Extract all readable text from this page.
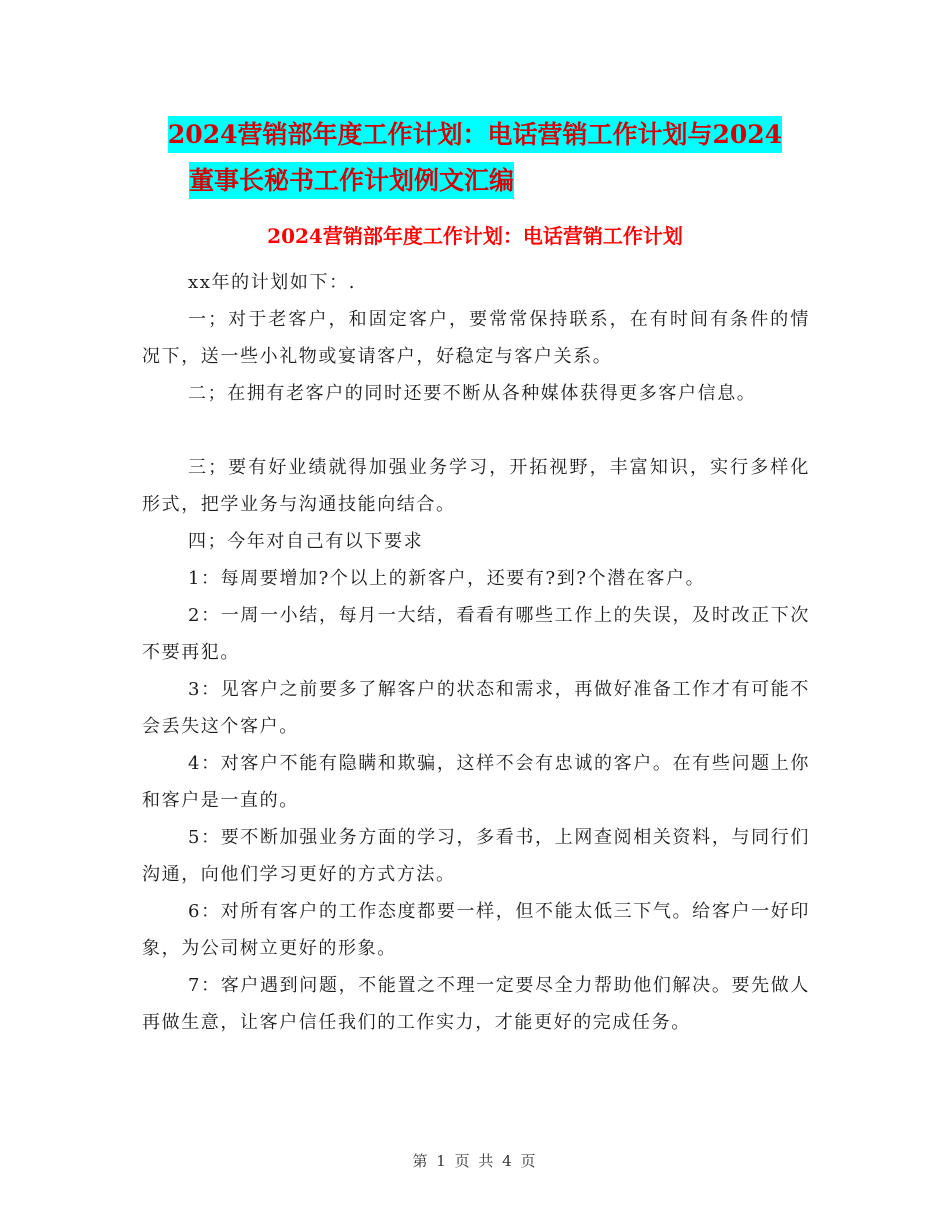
2024营销部年度工作计划：电话营销工作计划与2024
董事长秘书工作计划例文汇编
2024营销部年度工作计划：电话营销工作计划

xx年的计划如下：.

一；对于老客户，和固定客户，要常常保持联系，在有时间有条件的情况下，送一些小礼物或宴请客户，好稳定与客户关系。

二；在拥有老客户的同时还要不断从各种媒体获得更多客户信息。

三；要有好业绩就得加强业务学习，开拓视野，丰富知识，实行多样化形式，把学业务与沟通技能向结合。

四；今年对自己有以下要求

1：每周要增加?个以上的新客户，还要有?到?个潜在客户。

2：一周一小结，每月一大结，看看有哪些工作上的失误，及时改正下次不要再犯。

3：见客户之前要多了解客户的状态和需求，再做好准备工作才有可能不会丢失这个客户。

4：对客户不能有隐瞒和欺骗，这样不会有忠诚的客户。在有些问题上你和客户是一直的。

5：要不断加强业务方面的学习，多看书，上网查阅相关资料，与同行们沟通，向他们学习更好的方式方法。

6：对所有客户的工作态度都要一样，但不能太低三下气。给客户一好印象，为公司树立更好的形象。

7：客户遇到问题，不能置之不理一定要尽全力帮助他们解决。要先做人再做生意，让客户信任我们的工作实力，才能更好的完成任务。

第 1 页 共 4 页
